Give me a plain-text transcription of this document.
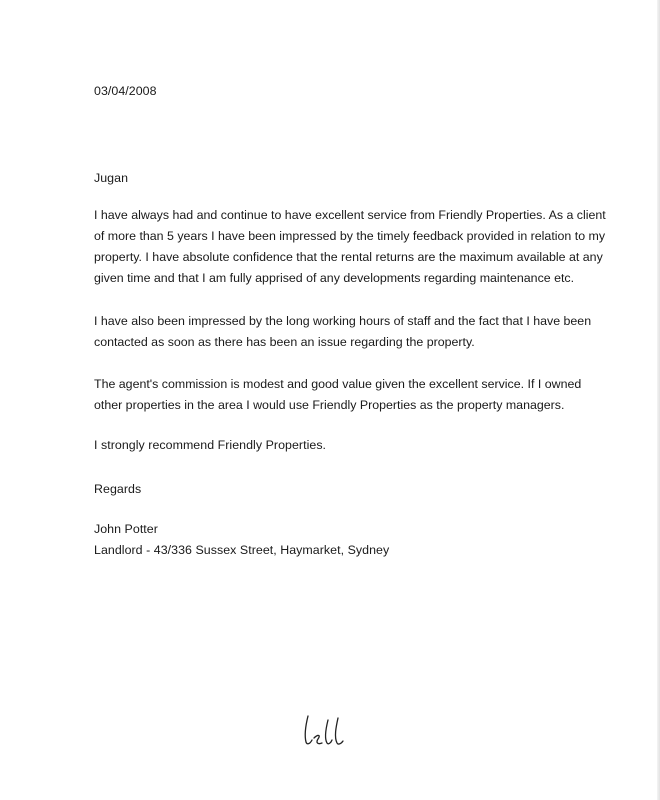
03/04/2008
Jugan
I have always had and continue to have excellent service from Friendly Properties. As a client
of more than 5 years I have been impressed by the timely feedback provided in relation to my
property. I have absolute confidence that the rental returns are the maximum available at any
given time and that I am fully apprised of any developments regarding maintenance etc.
I have also been impressed by the long working hours of staff and the fact that I have been
contacted as soon as there has been an issue regarding the property.
The agent's commission is modest and good value given the excellent service. If I owned
other properties in the area I would use Friendly Properties as the property managers.
I strongly recommend Friendly Properties.
Regards
John Potter
Landlord - 43/336 Sussex Street, Haymarket, Sydney
